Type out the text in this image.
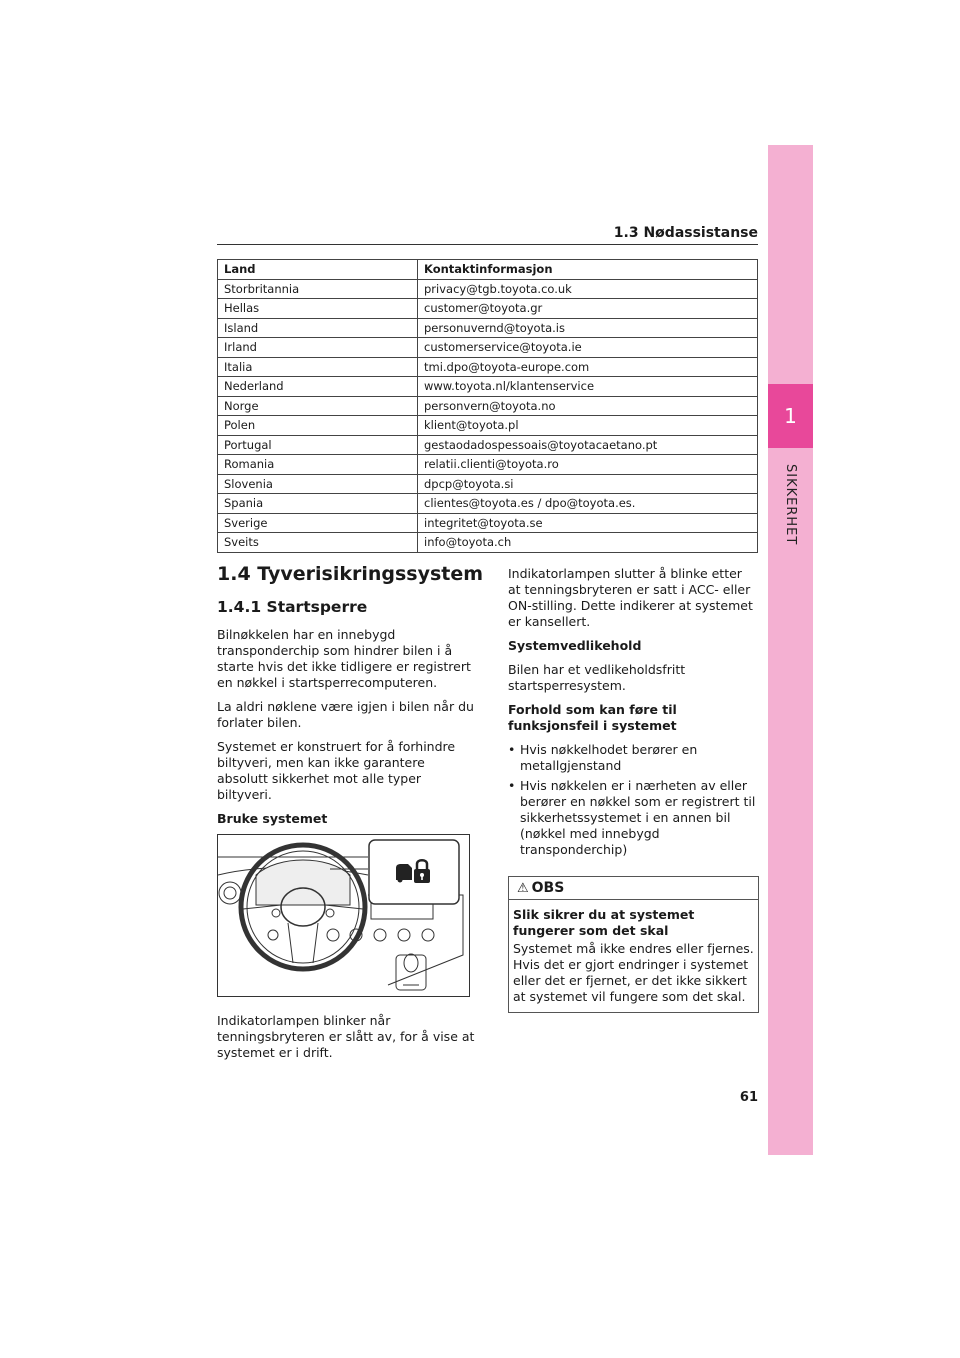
1
SIKKERHET
1.3 Nødassistanse
Land	Kontaktinformasjon
Storbritannia	privacy@tgb.toyota.co.uk
Hellas	customer@toyota.gr
Island	personuvernd@toyota.is
Irland	customerservice@toyota.ie
Italia	tmi.dpo@toyota-europe.com
Nederland	www.toyota.nl/klantenservice
Norge	personvern@toyota.no
Polen	klient@toyota.pl
Portugal	gestaodadospessoais@toyotacaetano.pt
Romania	relatii.clienti@toyota.ro
Slovenia	dpcp@toyota.si
Spania	clientes@toyota.es / dpo@toyota.es.
Sverige	integritet@toyota.se
Sveits	info@toyota.ch
1.4 Tyverisikringssystem
1.4.1 Startsperre

Bilnøkkelen har en innebygd transponderchip som hindrer bilen i å starte hvis det ikke tidligere er registrert en nøkkel i startsperrecomputeren.

La aldri nøklene være igjen i bilen når du forlater bilen.

Systemet er konstruert for å forhindre biltyveri, men kan ikke garantere absolutt sikkerhet mot alle typer biltyveri.

Bruke systemet

Indikatorlampen blinker når tenningsbryteren er slått av, for å vise at systemet er i drift.

Indikatorlampen slutter å blinke etter at tenningsbryteren er satt i ACC- eller ON-stilling. Dette indikerer at systemet er kansellert.

Systemvedlikehold

Bilen har et vedlikeholdsfritt startsperresystem.

Forhold som kan føre til funksjonsfeil i systemet

• Hvis nøkkelhodet berører en metallgjenstand
• Hvis nøkkelen er i nærheten av eller berører en nøkkel som er registrert til sikkerhetssystemet i en annen bil (nøkkel med innebygd transponderchip)
⚠ OBS

Slik sikrer du at systemet fungerer som det skal

Systemet må ikke endres eller fjernes. Hvis det er gjort endringer i systemet eller det er fjernet, er det ikke sikkert at systemet vil fungere som det skal.

61
